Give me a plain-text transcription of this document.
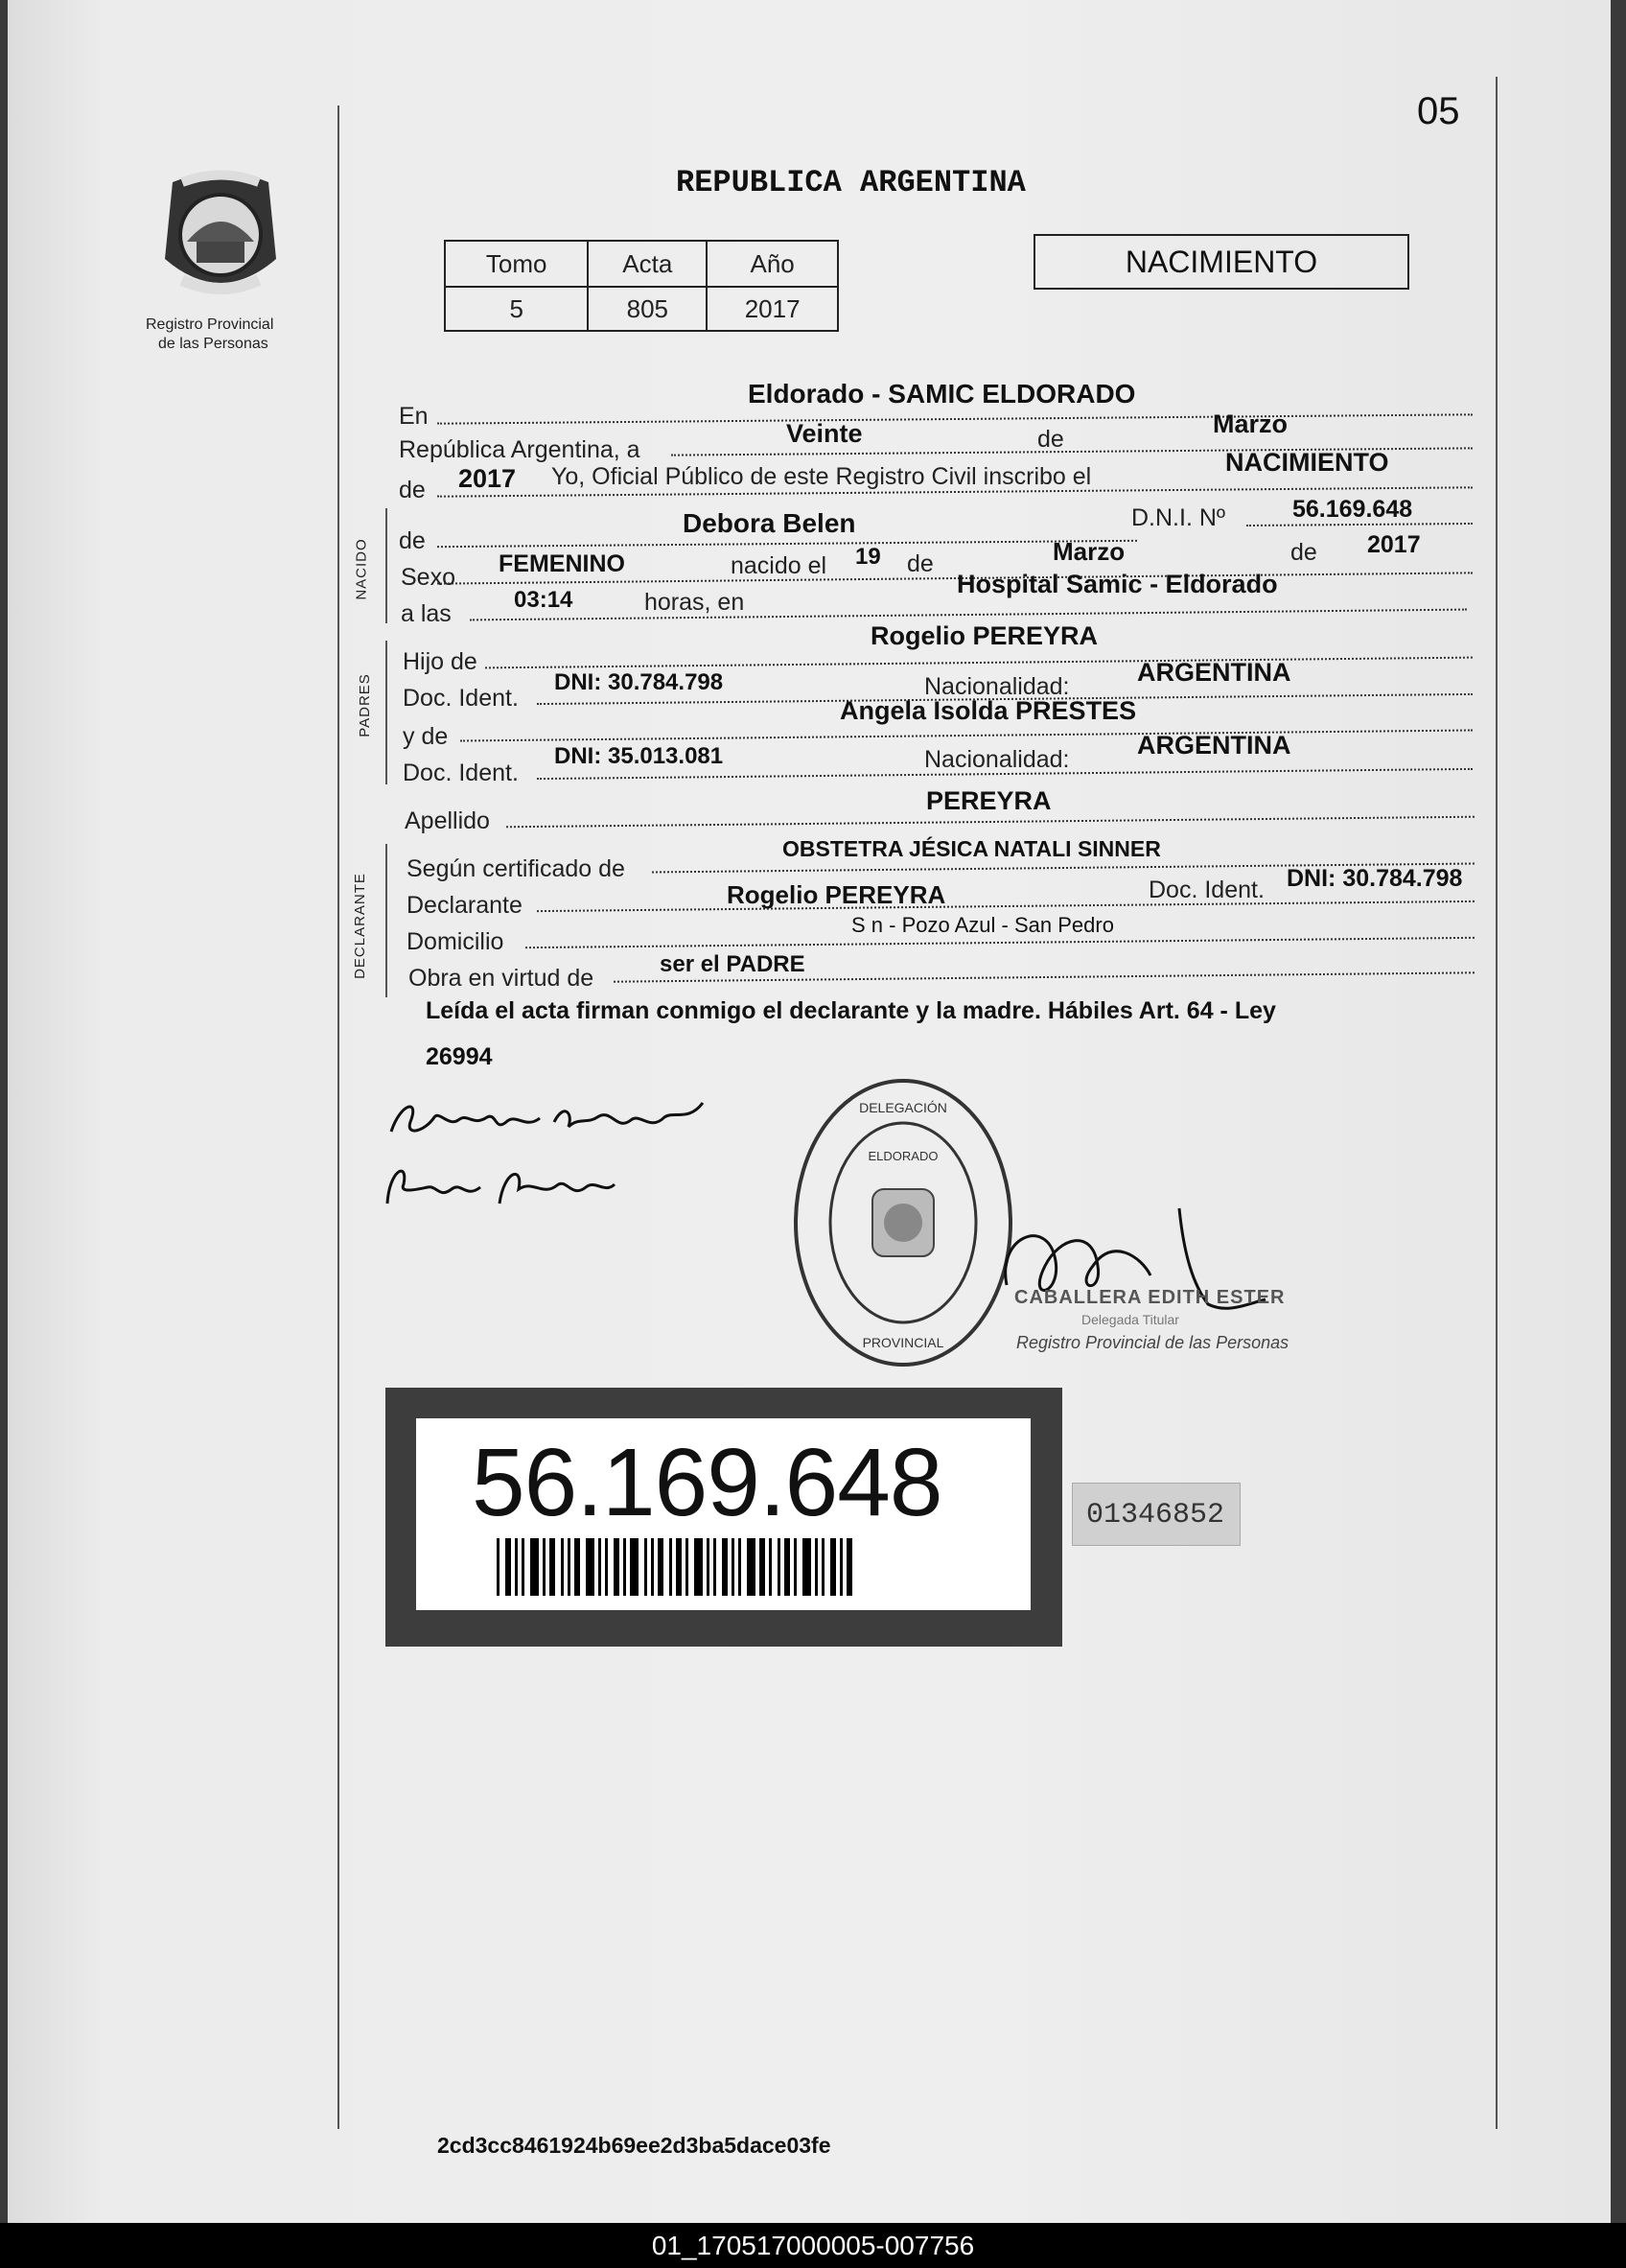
05
Registro Provincial
de las Personas
REPUBLICA ARGENTINA
Tomo	Acta	Año
5	805	2017
NACIMIENTO
NACIDO
PADRES
DECLARANTE
En
Eldorado - SAMIC ELDORADO
República Argentina, a
Veinte	de
Marzo
de 2017 Yo, Oficial Público de este Registro Civil inscribo el	NACIMIENTO
de
Debora Belen	D.N.I. Nº	56.169.648
Sexo FEMENINO	nacido el 19 de	Marzo	de 2017
a las
03:14	horas, en
Hospital Samic - Eldorado
Hijo de
Rogelio PEREYRA
Doc. Ident.
DNI: 30.784.798	Nacionalidad:	ARGENTINA
y de
Angela Isolda PRESTES
Doc. Ident.
DNI: 35.013.081	Nacionalidad:	ARGENTINA
Apellido
PEREYRA
Según certificado de
OBSTETRA JÉSICA NATALI SINNER
Declarante	Rogelio PEREYRA	Doc. Ident. DNI: 30.784.798
Domicilio
S n - Pozo Azul - San Pedro
Obra en virtud de
ser el PADRE
Leída el acta firman conmigo el declarante y la madre. Hábiles Art. 64 - Ley
26994
DELEGACIÓN
PROVINCIAL
ELDORADO
CABALLERA EDITH ESTER
Delegada Titular
Registro Provincial de las Personas
56.169.648	01346852
2cd3cc8461924b69ee2d3ba5dace03fe
01_170517000005-007756
